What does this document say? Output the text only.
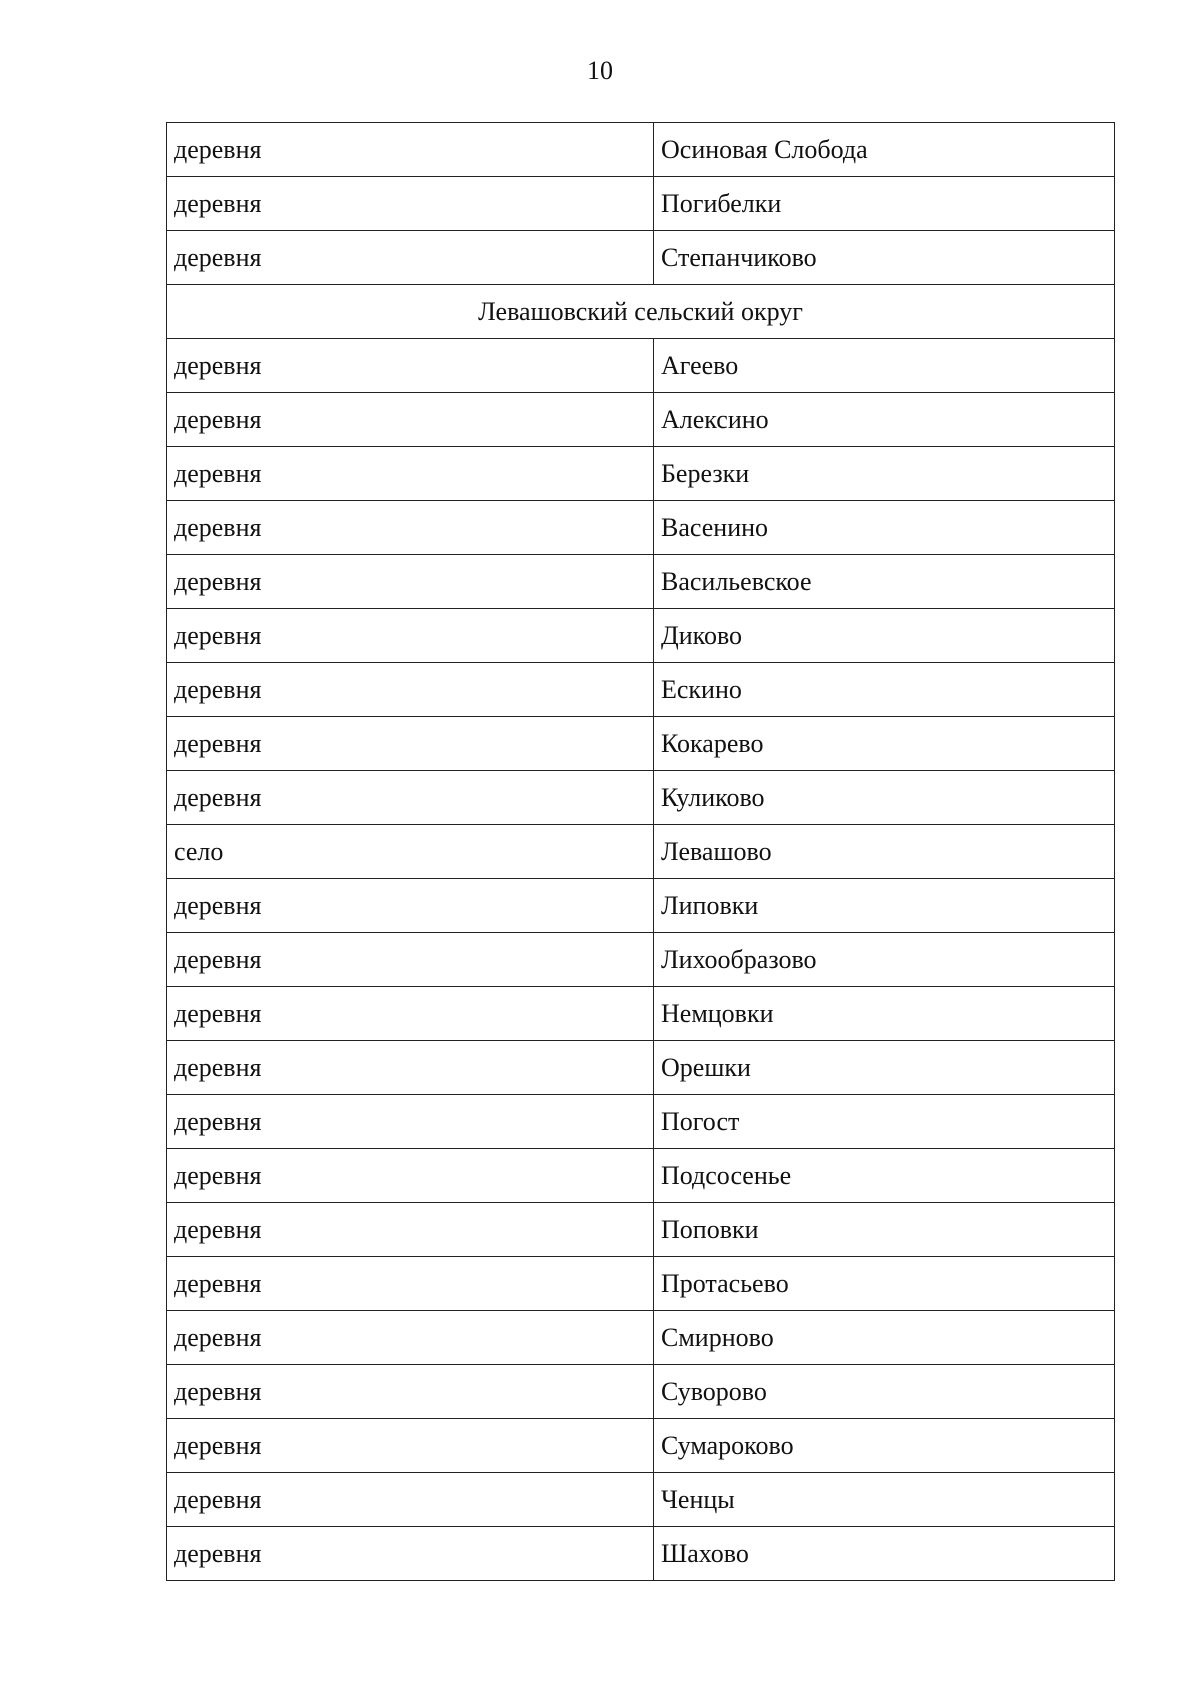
10
деревня	Осиновая Слобода
деревня	Погибелки
деревня	Степанчиково
Левашовский сельский округ	
деревня	Агеево
деревня	Алексино
деревня	Березки
деревня	Васенино
деревня	Васильевское
деревня	Диково
деревня	Ескино
деревня	Кокарево
деревня	Куликово
село	Левашово
деревня	Липовки
деревня	Лихообразово
деревня	Немцовки
деревня	Орешки
деревня	Погост
деревня	Подсосенье
деревня	Поповки
деревня	Протасьево
деревня	Смирново
деревня	Суворово
деревня	Сумароково
деревня	Ченцы
деревня	Шахово
